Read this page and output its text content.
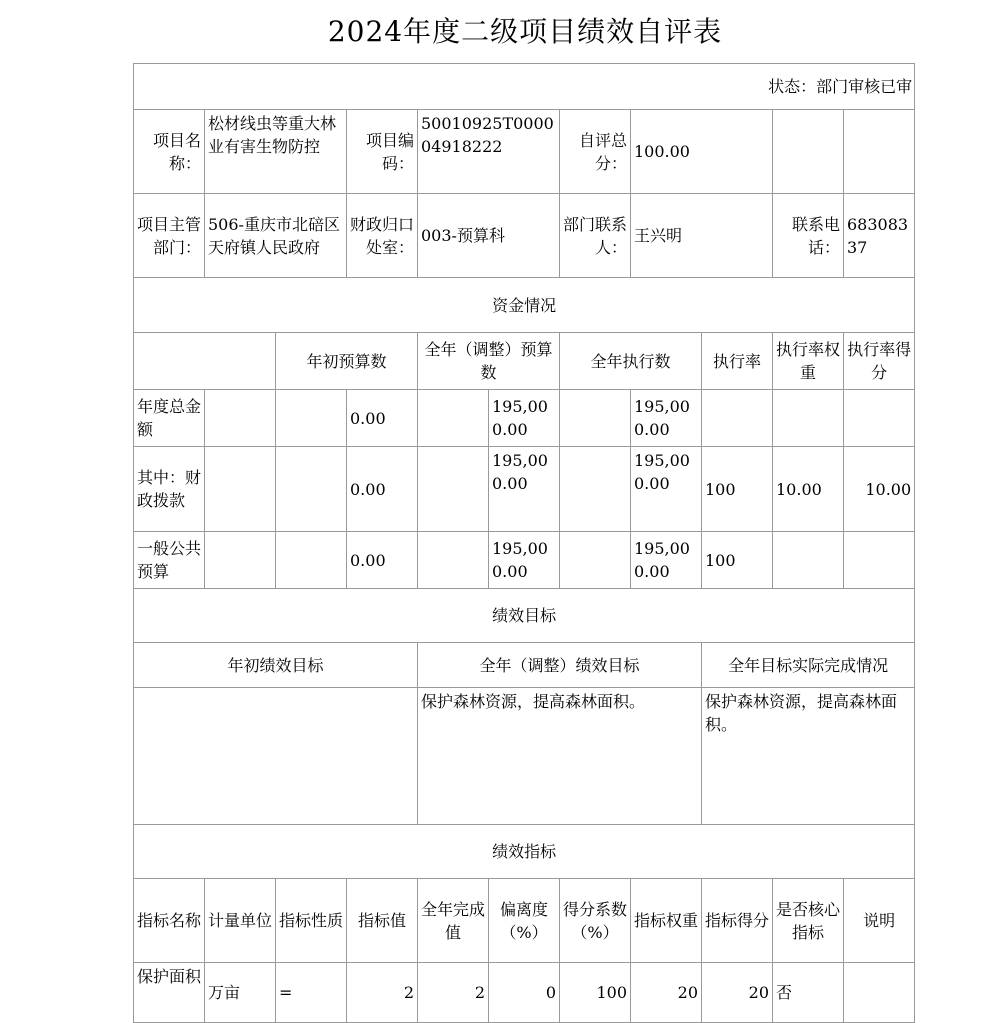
2024年度二级项目绩效自评表
状态：部门审核已审										
项目名称：	松材线虫等重大林业有害生物防控		项目编码：	50010925T000004918222		自评总分：	100.00			
项目主管部门：	506-重庆市北碚区天府镇人民政府		财政归口处室：	003-预算科		部门联系人：	王兴明		联系电话：	68308337
资金情况										
		年初预算数		全年（调整）预算数		全年执行数		执行率	执行率权重	执行率得分
年度总金额			0.00		195,000.00		195,000.00			
其中：财政拨款			0.00		195,000.00		195,000.00	100	10.00	10.00
一般公共预算			0.00		195,000.00		195,000.00	100		
绩效目标										
年初绩效目标				全年（调整）绩效目标				全年目标实际完成情况		
				保护森林资源，提高森林面积。				保护森林资源，提高森林面积。		
绩效指标										
指标名称	计量单位	指标性质	指标值	全年完成值	偏离度（%）	得分系数（%）	指标权重	指标得分	是否核心指标	说明
保护面积	万亩	=	2	2	0	100	20	20	否	
